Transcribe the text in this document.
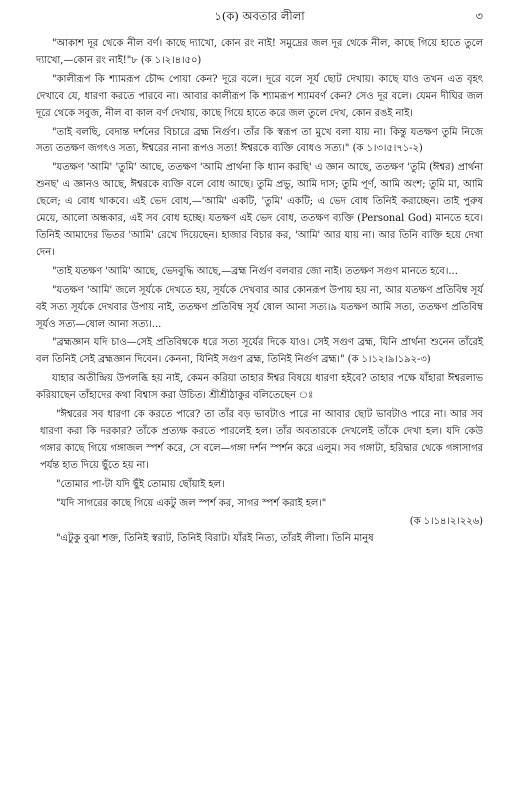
১(ক) অবতার লীলা	৩

"আকাশ দূর থেকে নীল বর্ণ। কাছে দ্যাখো, কোন রং নাই! সমুদ্রের জল দূর থেকে নীল, কাছে গিয়ে হাতে তুলে দ্যাখো,—কোন রং নাই!"৮ (ক ১।২।৪।৫০)

"কালীরূপ কি শ্যামরূপ চৌদ্দ পোয়া কেন? দূরে বলে। দূরে বলে সূর্য ছোট দেখায়। কাছে যাও তখন এত বৃহৎ দেখাবে যে, ধারণা করতে পারবে না। আবার কালীরূপ কি শ্যামরূপ শ্যামবর্ণ কেন? সেও দূর বলে। যেমন দীঘির জল দূরে থেকে সবুজ, নীল বা কাল বর্ণ দেখায়, কাছে গিয়ে হাতে করে জল তুলে দেখ, কোন রঙই নাই।

"তাই বলছি, বেদান্ত দর্শনের বিচারে ব্রহ্ম নির্গুণ। তাঁর কি স্বরূপ তা মুখে বলা যায় না। কিন্তু যতক্ষণ তুমি নিজে সত্য ততক্ষণ জগৎও সত্য, ঈশ্বরের নানা রূপও সত্য! ঈশ্বরকে ব্যক্তি বোধও সত্য।" (ক ১।৩।৫।৭১-২)

"যতক্ষণ 'আমি' 'তুমি' আছে, ততক্ষণ 'আমি প্রার্থনা কি ধ্যান করছি' এ জ্ঞান আছে, ততক্ষণ 'তুমি (ঈশ্বর) প্রার্থনা শুনছ' এ জ্ঞানও আছে, ঈশ্বরকে ব্যক্তি বলে বোধ আছে। তুমি প্রভু, আমি দাস; তুমি পূর্ণ, আমি অংশ; তুমি মা, আমি ছেলে; এ বোধ থাকবে। এই ভেদ বোধ,—'আমি' একটি, 'তুমি' একটি; এ ভেদ বোধ তিনিই করাচ্ছেন। তাই পুরুষ মেয়ে, আলো অন্ধকার, এই সব বোধ হচ্ছে। যতক্ষণ এই ভেদ বোধ, ততক্ষণ ব্যক্তি (Personal God) মানতে হবে। তিনিই আমাদের ভিতর 'আমি' রেখে দিয়েছেন। হাজার বিচার কর, 'আমি' আর যায় না। আর তিনি ব্যক্তি হয়ে দেখা দেন।

"তাই যতক্ষণ 'আমি' আছে, ভেদবুদ্ধি আছে,—ব্রহ্ম নির্গুণ বলবার জো নাই। ততক্ষণ সগুণ মানতে হবে।...

"যতক্ষণ 'আমি' জলে সূর্যকে দেখতে হয়, সূর্যকে দেখবার আর কোনরূপ উপায় হয় না, আর যতক্ষণ প্রতিবিম্ব সূর্য বই সত্য সূর্যকে দেখবার উপায় নাই, ততক্ষণ প্রতিবিম্ব সূর্য ষোল আনা সত্য।৯ যতক্ষণ আমি সত্য, ততক্ষণ প্রতিবিম্ব সূর্যও সত্য—ষোল আনা সত্য।...

"ব্রহ্মজ্ঞান যদি চাও—সেই প্রতিবিম্বকে ধরে সত্য সূর্যের দিকে যাও। সেই সগুণ ব্রহ্ম, যিনি প্রার্থনা শুনেন তাঁরেই বল তিনিই সেই ব্রহ্মজ্ঞান দিবেন। কেননা, যিনিই সগুণ ব্রহ্ম, তিনিই নির্গুণ ব্রহ্ম।" (ক ১।১২।৯।১৯২-৩)

যাহার অতীন্দ্রিয় উপলব্ধি হয় নাই, কেমন করিয়া তাহার ঈশ্বর বিষয়ে ধারণা হইবে? তাহার পক্ষে যাঁহারা ঈশ্বরলাভ করিয়াছেন তাঁহাদের কথা বিশ্বাস করা উচিত। শ্রীশ্রীঠাকুর বলিতেছেন ঃ

"ঈশ্বরের সব ধারণা কে করতে পারে? তা তাঁর বড় ভাবটাও পারে না আবার ছোট ভাবটাও পারে না। আর সব ধারণা করা কি দরকার? তাঁকে প্রত্যক্ষ করতে পারলেই হল। তাঁর অবতারকে দেখলেই তাঁকে দেখা হল। যদি কেউ গঙ্গার কাছে গিয়ে গঙ্গাজল স্পর্শ করে, সে বলে—গঙ্গা দর্শন স্পর্শন করে এলুম। সব গঙ্গাটা, হরিদ্বার থেকে গঙ্গাসাগর পর্যন্ত হাত দিয়ে ছুঁতে হয় না।

"তোমার পা-টা যদি ছুঁই তোমায় ছোঁয়াই হল।

"যদি সাগরের কাছে গিয়ে একটু জল স্পর্শ কর, সাগর স্পর্শ করাই হল।"

(ক ১।১৪।২।২২৬)

"এটুকু বুঝা শক্ত, তিনিই স্বরাট, তিনিই বিরাট। যাঁরই নিত্য, তাঁরই লীলা। তিনি মানুষ
